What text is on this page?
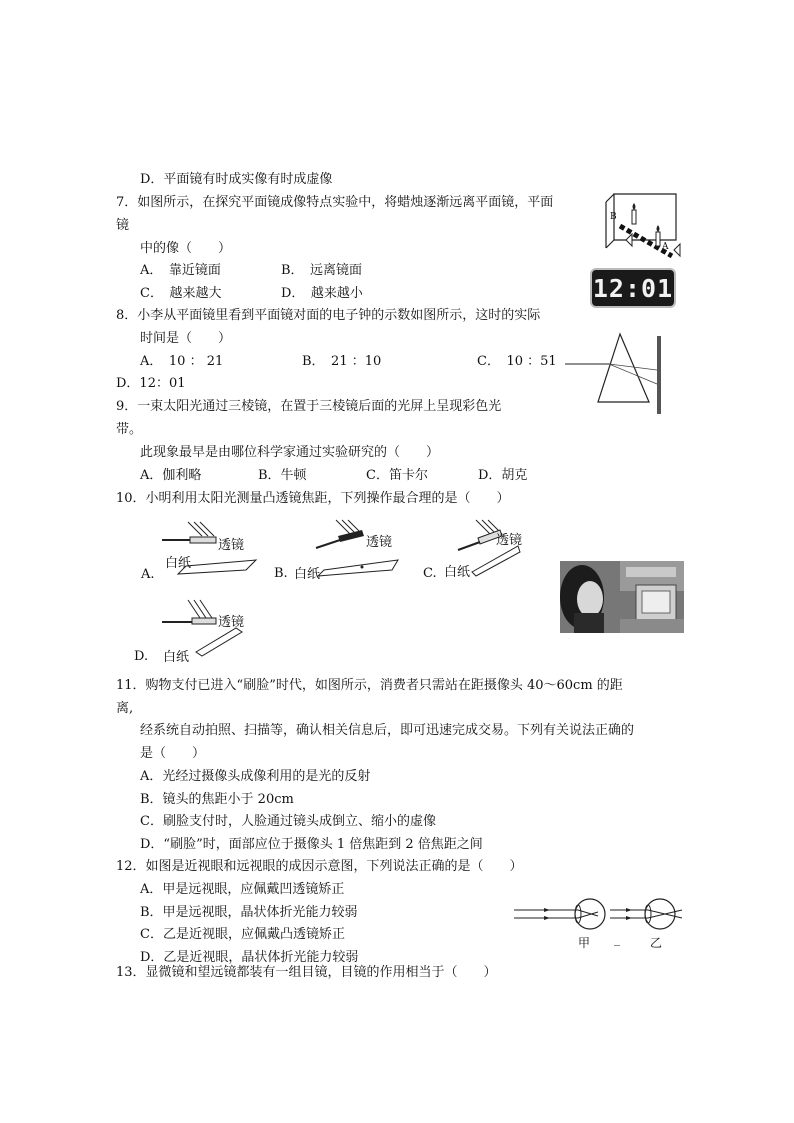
D．平面镜有时成实像有时成虚像
7．如图所示，在探究平面镜成像特点实验中，将蜡烛逐渐远离平面镜，平面
镜
中的像（　　）
A．　靠近镜面	B．　远离镜面
C．　越来越大	D．　越来越小
B
A
12:01
8．小李从平面镜里看到平面镜对面的电子钟的示数如图所示，这时的实际
时间是（　　）
A．　10 ： 21	B．　21 ：10	C．　10 ：51
D．12：01
9．一束太阳光通过三棱镜，在置于三棱镜后面的光屏上呈现彩色光
带。
此现象最早是由哪位科学家通过实验研究的（　　）
A．伽利略	B．牛顿	C．笛卡尔	D．胡克
10．小明利用太阳光测量凸透镜焦距，下列操作最合理的是（　　）
透镜
白纸
A.
透镜
白纸
B.
透镜
白纸
C.
透镜
白纸
D.
11．购物支付已进入“刷脸”时代，如图所示，消费者只需站在距摄像头 40～60cm 的距
离,
经系统自动拍照、扫描等，确认相关信息后，即可迅速完成交易。下列有关说法正确的
是（　　）
A．光经过摄像头成像利用的是光的反射
B．镜头的焦距小于 20cm
C．刷脸支付时，人脸通过镜头成倒立、缩小的虚像
D．“刷脸”时，面部应位于摄像头 1 倍焦距到 2 倍焦距之间
12．如图是近视眼和远视眼的成因示意图，下列说法正确的是（　　）
A．甲是远视眼，应佩戴凹透镜矫正
B．甲是远视眼，晶状体折光能力较弱
C．乙是近视眼，应佩戴凸透镜矫正
D．乙是近视眼，晶状体折光能力较弱
甲 _	乙
13．显微镜和望远镜都装有一组目镜，目镜的作用相当于（　　）
